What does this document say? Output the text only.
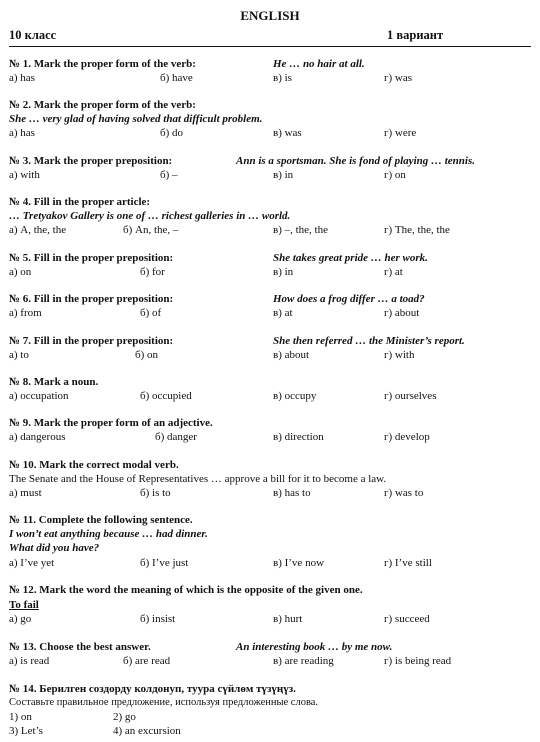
ENGLISH
10 класс	1 вариант
№ 1. Mark the proper form of the verb:	He … no hair at all.
а) has	б) have	в) is	г) was
№ 2. Mark the proper form of the verb:
She … very glad of having solved that difficult problem.
а) has	б) do	в) was	г) were
№ 3. Mark the proper preposition:	Ann is a sportsman. She is fond of playing … tennis.
а) with	б) –	в) in	г) on
№ 4. Fill in the proper article:
… Tretyakov Gallery is one of … richest galleries in … world.
а) A, the, the	б) An, the, –	в) –, the, the	г) The, the, the
№ 5. Fill in the proper preposition:	She takes great pride … her work.
а) on	б) for	в) in	г) at
№ 6. Fill in the proper preposition:	How does a frog differ … a toad?
а) from	б) of	в) at	г) about
№ 7. Fill in the proper preposition:	She then referred … the Minister’s report.
а) to	б) on	в) about	г) with
№ 8. Mark a noun.
а) occupation	б) occupied	в) occupy	г) ourselves
№ 9. Mark the proper form of an adjective.
а) dangerous	б) danger	в) direction	г) develop
№ 10. Mark the correct modal verb.
The Senate and the House of Representatives … approve a bill for it to become a law.
а) must	б) is to	в) has to	г) was to
№ 11. Complete the following sentence.
I won’t eat anything because … had dinner.
What did you have?
а) I’ve yet	б) I’ve just	в) I’ve now	г) I’ve still
№ 12. Mark the word the meaning of which is the opposite of the given one.
To fail
а) go	б) insist	в) hurt	г) succeed
№ 13. Choose the best answer.	An interesting book … by me now.
а) is read	б) are read	в) are reading	г) is being read
№ 14. Берилген создорду колдонуп, туура сүйлөм түзүңүз.
Составьте правильное предложение, используя предложенные слова.
1) on	2) go
3) Let’s	4) an excursion
